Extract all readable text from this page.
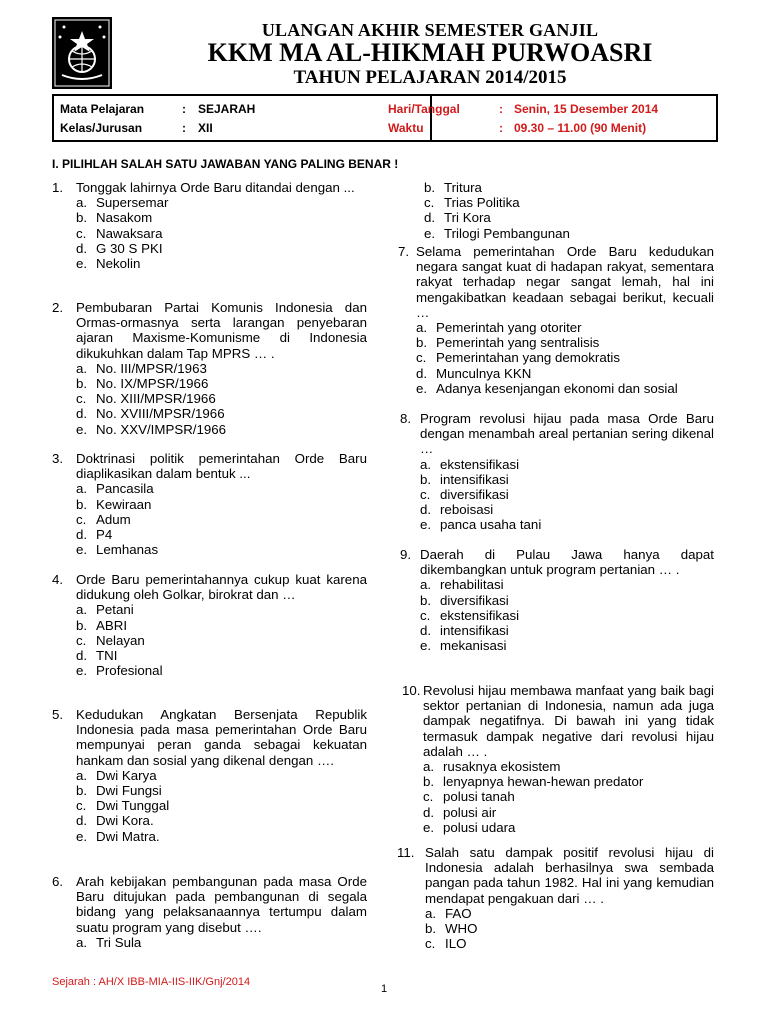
ULANGAN AKHIR SEMESTER GANJIL
KKM MA AL-HIKMAH PURWOASRI
TAHUN PELAJARAN 2014/2015
Mata Pelajaran	: SEJARAH
Kelas/Jurusan	: XII
Hari/Tanggal	: Senin, 15 Desember 2014
Waktu	: 09.30 – 11.00 (90 Menit)
I. PILIHLAH SALAH SATU JAWABAN YANG PALING BENAR !
1. Tonggak lahirnya Orde Baru ditandai dengan ...
a. Supersemar
b. Nasakom
c. Nawaksara
d. G 30 S PKI
e. Nekolin
2. Pembubaran Partai Komunis Indonesia dan Ormas-ormasnya serta larangan penyebaran ajaran Maxisme-Komunisme di Indonesia dikukuhkan dalam Tap MPRS … .
a. No. III/MPSR/1963
b. No. IX/MPSR/1966
c. No. XIII/MPSR/1966
d. No. XVIII/MPSR/1966
e. No. XXV/IMPSR/1966
3. Doktrinasi politik pemerintahan Orde Baru diaplikasikan dalam bentuk ...
a. Pancasila
b. Kewiraan
c. Adum
d. P4
e. Lemhanas
4. Orde Baru pemerintahannya cukup kuat karena didukung oleh Golkar, birokrat dan …
a. Petani
b. ABRI
c. Nelayan
d. TNI
e. Profesional
5. Kedudukan Angkatan Bersenjata Republik Indonesia pada masa pemerintahan Orde Baru mempunyai peran ganda sebagai kekuatan hankam dan sosial yang dikenal dengan ….
a. Dwi Karya
b. Dwi Fungsi
c. Dwi Tunggal
d. Dwi Kora.
e. Dwi Matra.
6. Arah kebijakan pembangunan pada masa Orde Baru ditujukan pada pembangunan di segala bidang yang pelaksanaannya tertumpu dalam suatu program yang disebut ….
a. Tri Sula
b. Tritura
c. Trias Politika
d. Tri Kora
e. Trilogi Pembangunan
7. Selama pemerintahan Orde Baru kedudukan negara sangat kuat di hadapan rakyat, sementara rakyat terhadap negar sangat lemah, hal ini mengakibatkan keadaan sebagai berikut, kecuali …
a. Pemerintah yang otoriter
b. Pemerintah yang sentralisis
c. Pemerintahan yang demokratis
d. Munculnya KKN
e. Adanya kesenjangan ekonomi dan sosial
8. Program revolusi hijau pada masa Orde Baru dengan menambah areal pertanian sering dikenal …
a. ekstensifikasi
b. intensifikasi
c. diversifikasi
d. reboisasi
e. panca usaha tani
9. Daerah di Pulau Jawa hanya dapat dikembangkan untuk program pertanian … .
a. rehabilitasi
b. diversifikasi
c. ekstensifikasi
d. intensifikasi
e. mekanisasi
10. Revolusi hijau membawa manfaat yang baik bagi sektor pertanian di Indonesia, namun ada juga dampak negatifnya. Di bawah ini yang tidak termasuk dampak negative dari revolusi hijau adalah … .
a. rusaknya ekosistem
b. lenyapnya hewan-hewan predator
c. polusi tanah
d. polusi air
e. polusi udara
11. Salah satu dampak positif revolusi hijau di Indonesia adalah berhasilnya swa sembada pangan pada tahun 1982. Hal ini yang kemudian mendapat pengakuan dari … .
a. FAO
b. WHO
c. ILO
Sejarah : AH/X IBB-MIA-IIS-IIK/Gnj/2014
1
